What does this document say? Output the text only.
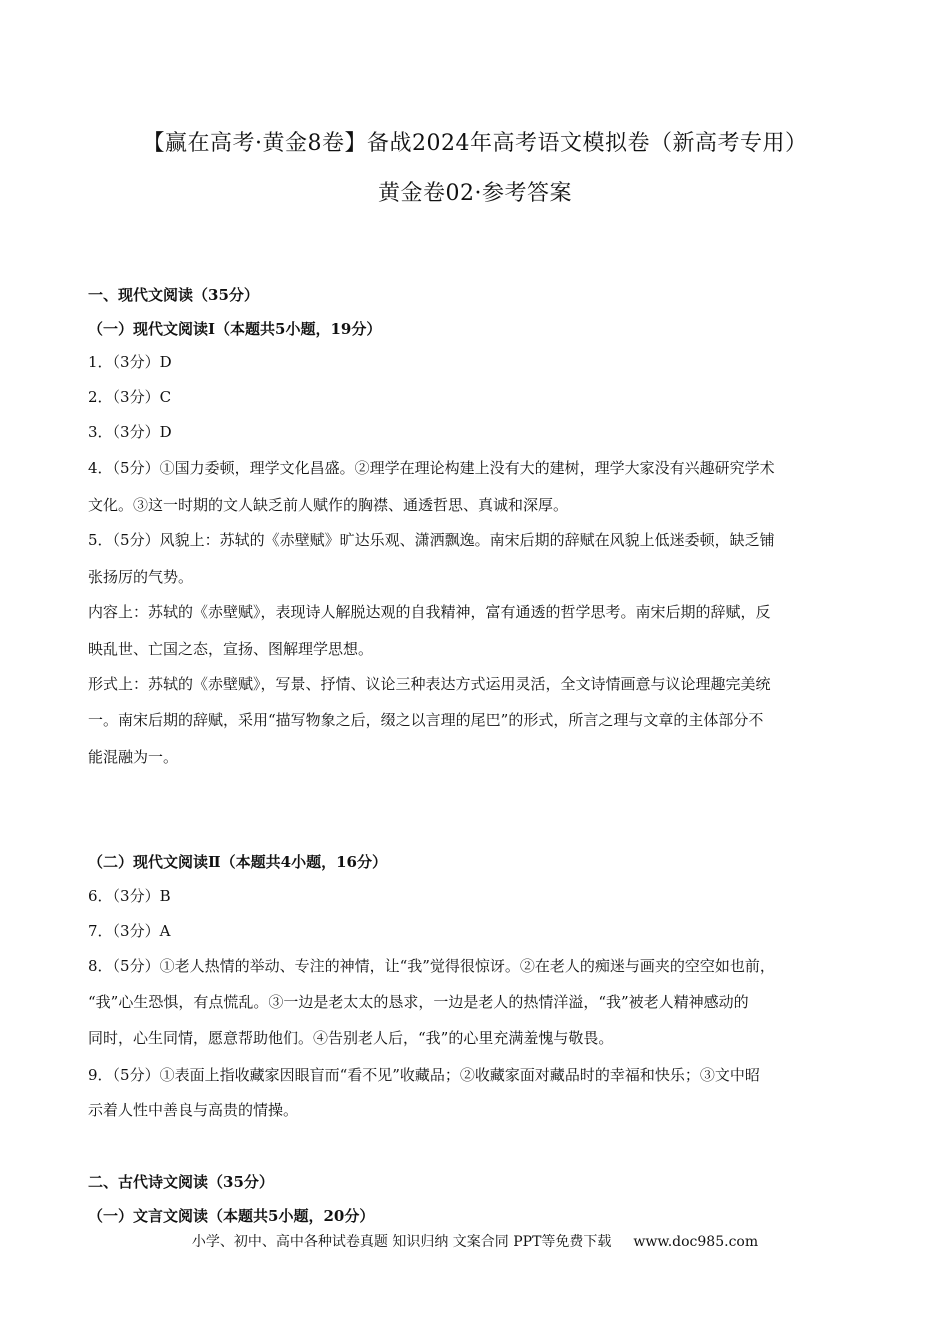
【赢在高考·黄金8卷】备战2024年高考语文模拟卷（新高考专用）
黄金卷02·参考答案
一、现代文阅读（35分）
（一）现代文阅读Ⅰ（本题共5小题，19分）
1．（3分）D
2．（3分）C
3．（3分）D
4．（5分）①国力委顿，理学文化昌盛。②理学在理论构建上没有大的建树，理学大家没有兴趣研究学术
文化。③这一时期的文人缺乏前人赋作的胸襟、通透哲思、真诚和深厚。
5．（5分）风貌上：苏轼的《赤壁赋》旷达乐观、潇洒飘逸。南宋后期的辞赋在风貌上低迷委顿，缺乏铺
张扬厉的气势。
内容上：苏轼的《赤壁赋》，表现诗人解脱达观的自我精神，富有通透的哲学思考。南宋后期的辞赋，反
映乱世、亡国之态，宣扬、图解理学思想。
形式上：苏轼的《赤壁赋》，写景、抒情、议论三种表达方式运用灵活，全文诗情画意与议论理趣完美统
一。南宋后期的辞赋，采用“描写物象之后，缀之以言理的尾巴”的形式，所言之理与文章的主体部分不
能混融为一。
（二）现代文阅读Ⅱ（本题共4小题，16分）
6．（3分）B
7．（3分）A
8．（5分）①老人热情的举动、专注的神情，让“我”觉得很惊讶。②在老人的痴迷与画夹的空空如也前，
“我”心生恐惧，有点慌乱。③一边是老太太的恳求，一边是老人的热情洋溢，“我”被老人精神感动的
同时，心生同情，愿意帮助他们。④告别老人后，“我”的心里充满羞愧与敬畏。
9．（5分）①表面上指收藏家因眼盲而“看不见”收藏品；②收藏家面对藏品时的幸福和快乐；③文中昭
示着人性中善良与高贵的情操。
二、古代诗文阅读（35分）
（一）文言文阅读（本题共5小题，20分）
小学、初中、高中各种试卷真题 知识归纳 文案合同 PPT等免费下载 www.doc985.com
